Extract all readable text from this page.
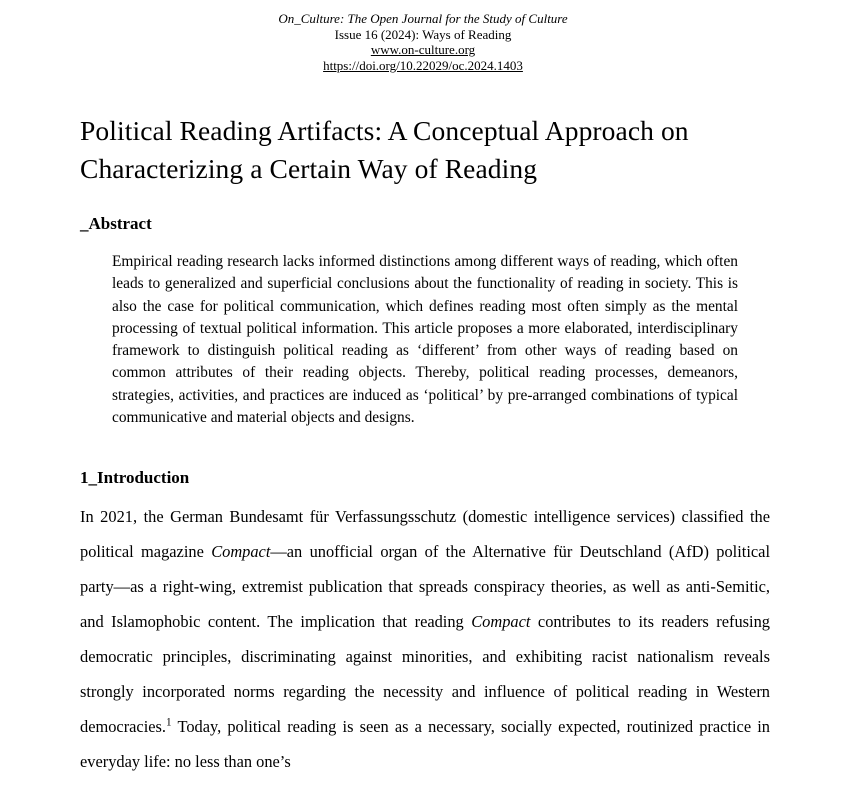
On_Culture: The Open Journal for the Study of Culture
Issue 16 (2024): Ways of Reading
www.on-culture.org
https://doi.org/10.22029/oc.2024.1403
Political Reading Artifacts: A Conceptual Approach on Characterizing a Certain Way of Reading
_Abstract

Empirical reading research lacks informed distinctions among different ways of reading, which often leads to generalized and superficial conclusions about the functionality of reading in society. This is also the case for political communication, which defines reading most often simply as the mental processing of textual political information. This article proposes a more elaborated, interdisciplinary framework to distinguish political reading as ‘different’ from other ways of reading based on common attributes of their reading objects. Thereby, political reading processes, demeanors, strategies, activities, and practices are induced as ‘political’ by pre-arranged combinations of typical communicative and material objects and designs.

1_Introduction

In 2021, the German Bundesamt für Verfassungsschutz (domestic intelligence services) classified the political magazine Compact—an unofficial organ of the Alternative für Deutschland (AfD) political party—as a right-wing, extremist publication that spreads conspiracy theories, as well as anti-Semitic, and Islamophobic content. The implication that reading Compact contributes to its readers refusing democratic principles, discriminating against minorities, and exhibiting racist nationalism reveals strongly incorporated norms regarding the necessity and influence of political reading in Western democracies.$^1$ Today, political reading is seen as a necessary, socially expected, routinized practice in everyday life: no less than one’s
